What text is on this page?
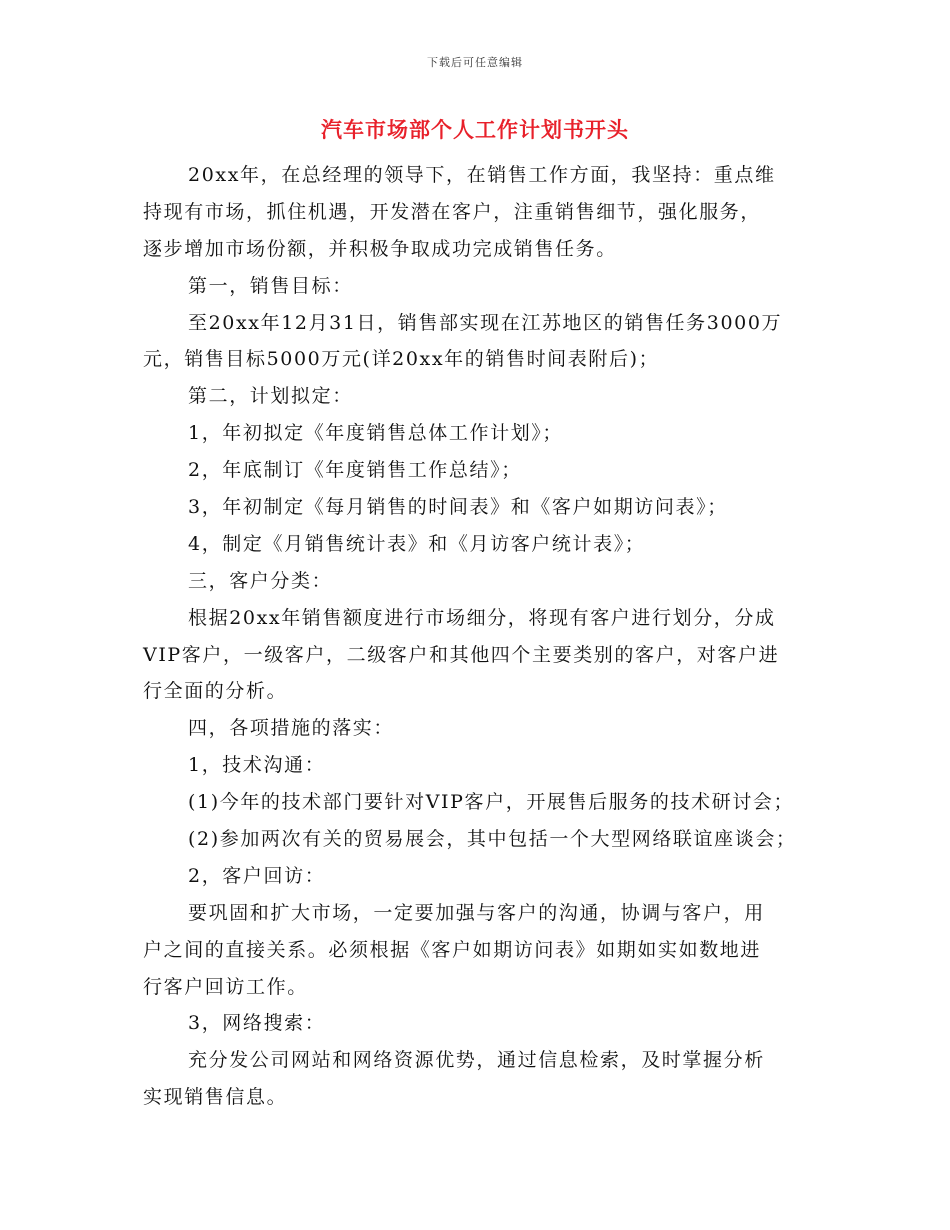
下载后可任意编辑
汽车市场部个人工作计划书开头
20xx年，在总经理的领导下，在销售工作方面，我坚持：重点维
持现有市场，抓住机遇，开发潜在客户，注重销售细节，强化服务，
逐步增加市场份额，并积极争取成功完成销售任务。
第一，销售目标：
至20xx年12月31日，销售部实现在江苏地区的销售任务3000万
元，销售目标5000万元(详20xx年的销售时间表附后)；
第二，计划拟定：
1，年初拟定《年度销售总体工作计划》；
2，年底制订《年度销售工作总结》；
3，年初制定《每月销售的时间表》和《客户如期访问表》；
4，制定《月销售统计表》和《月访客户统计表》；
三，客户分类：
根据20xx年销售额度进行市场细分，将现有客户进行划分，分成
VIP客户，一级客户，二级客户和其他四个主要类别的客户，对客户进
行全面的分析。
四，各项措施的落实：
1，技术沟通：
(1)今年的技术部门要针对VIP客户，开展售后服务的技术研讨会；
(2)参加两次有关的贸易展会，其中包括一个大型网络联谊座谈会；
2，客户回访：
要巩固和扩大市场，一定要加强与客户的沟通，协调与客户，用
户之间的直接关系。必须根据《客户如期访问表》如期如实如数地进
行客户回访工作。
3，网络搜索：
充分发公司网站和网络资源优势，通过信息检索，及时掌握分析
实现销售信息。
